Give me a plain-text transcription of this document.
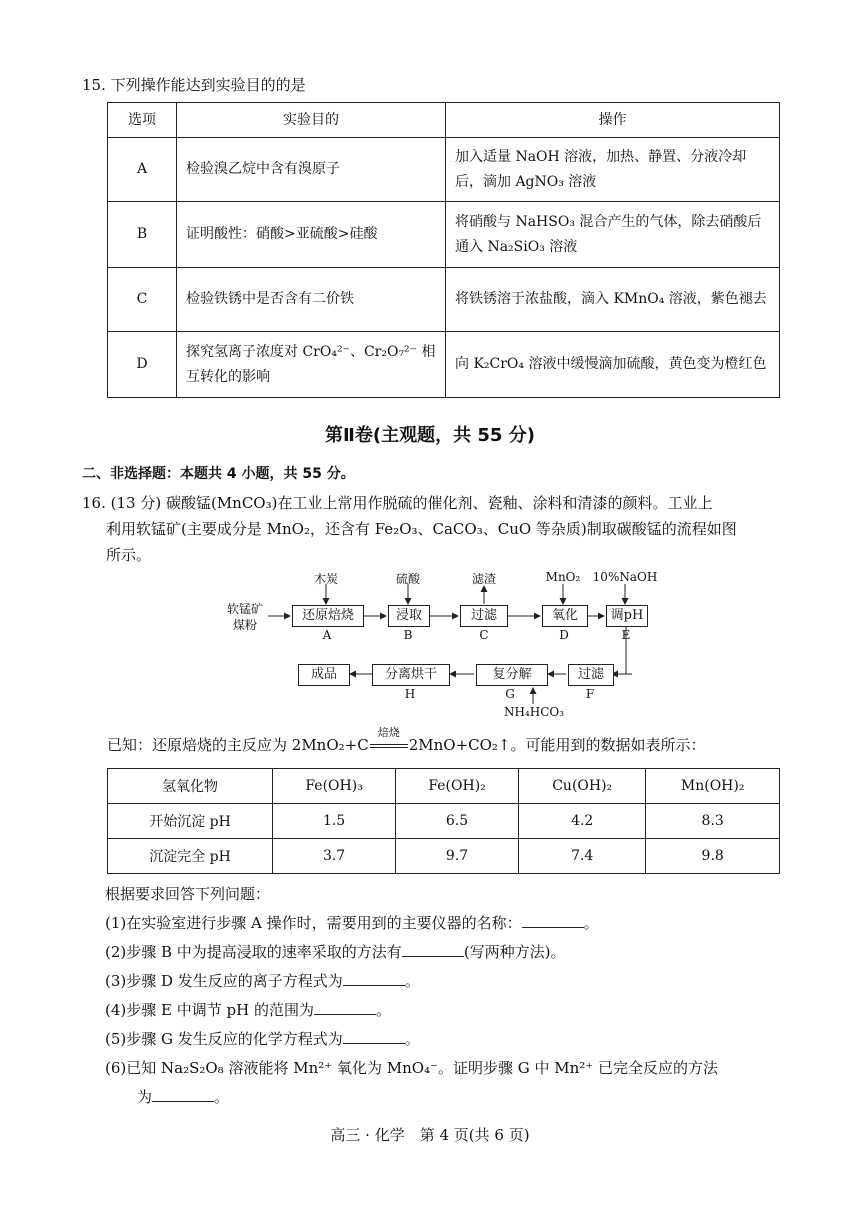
15. 下列操作能达到实验目的的是
选项	实验目的	操作
A	检验溴乙烷中含有溴原子	加入适量 NaOH 溶液，加热、静置、分液冷却后，滴加 AgNO₃ 溶液
B	证明酸性：硝酸>亚硫酸>硅酸	将硝酸与 NaHSO₃ 混合产生的气体，除去硝酸后通入 Na₂SiO₃ 溶液
C	检验铁锈中是否含有二价铁	将铁锈溶于浓盐酸，滴入 KMnO₄ 溶液，紫色褪去
D	探究氢离子浓度对 CrO₄²⁻、Cr₂O₇²⁻ 相互转化的影响	向 K₂CrO₄ 溶液中缓慢滴加硫酸，黄色变为橙红色
第Ⅱ卷(主观题，共 55 分)
二、非选择题：本题共 4 小题，共 55 分。
16. (13 分) 碳酸锰(MnCO₃)在工业上常用作脱硫的催化剂、瓷釉、涂料和清漆的颜料。工业上
利用软锰矿(主要成分是 MnO₂，还含有 Fe₂O₃、CaCO₃、CuO 等杂质)制取碳酸锰的流程如图
所示。
软锰矿
煤粉
木炭	硫酸	滤渣	MnO₂	10%NaOH
还原焙烧	浸取	过滤	氧化	调pH
A	B	C	D	E
过滤
复分解
分离烘干
成品
F
G
H
NH₄HCO₃
已知：还原焙烧的主反应为 2MnO₂+C
焙烧
2MnO+CO₂↑。可能用到的数据如表所示：
氢氧化物	Fe(OH)₃	Fe(OH)₂	Cu(OH)₂	Mn(OH)₂
开始沉淀 pH	1.5	6.5	4.2	8.3
沉淀完全 pH	3.7	9.7	7.4	9.8
根据要求回答下列问题：
(1)在实验室进行步骤 A 操作时，需要用到的主要仪器的名称：	。
(2)步骤 B 中为提高浸取的速率采取的方法有	(写两种方法)。
(3)步骤 D 发生反应的离子方程式为	。
(4)步骤 E 中调节 pH 的范围为	。
(5)步骤 G 发生反应的化学方程式为	。
(6)已知 Na₂S₂O₈ 溶液能将 Mn²⁺ 氧化为 MnO₄⁻。证明步骤 G 中 Mn²⁺ 已完全反应的方法
为	。
高三 · 化学　第 4 页(共 6 页)
